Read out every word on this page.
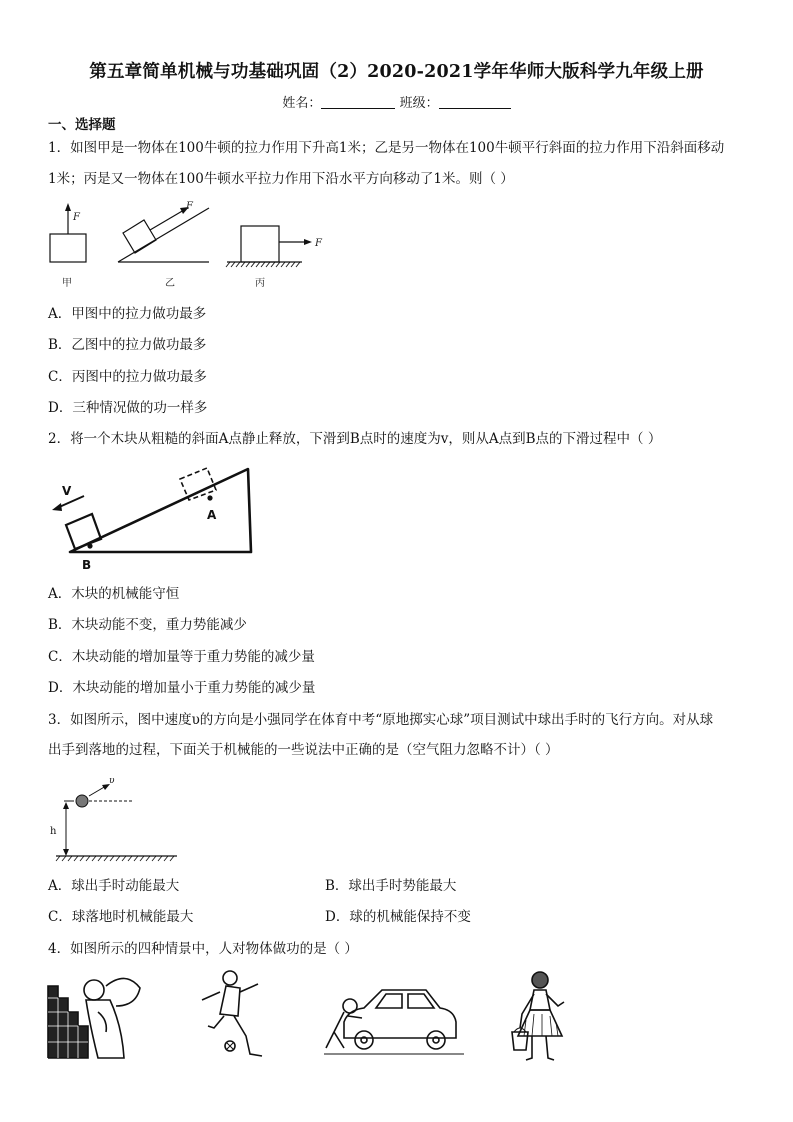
第五章简单机械与功基础巩固（2）2020-2021学年华师大版科学九年级上册
姓名：	班级：
一、选择题
1．如图甲是一物体在100牛顿的拉力作用下升高1米；乙是另一物体在100牛顿平行斜面的拉力作用下沿斜面移动
1米；丙是又一物体在100牛顿水平拉力作用下沿水平方向移动了1米。则（ ）
F
甲
F
乙
F
丙
A．甲图中的拉力做功最多
B．乙图中的拉力做功最多
C．丙图中的拉力做功最多
D．三种情况做的功一样多
2．将一个木块从粗糙的斜面A点静止释放，下滑到B点时的速度为v，则从A点到B点的下滑过程中（ ）
V
A
B
A．木块的机械能守恒
B．木块动能不变，重力势能减少
C．木块动能的增加量等于重力势能的减少量
D．木块动能的增加量小于重力势能的减少量
3．如图所示，图中速度υ的方向是小强同学在体育中考“原地掷实心球”项目测试中球出手时的飞行方向。对从球
出手到落地的过程，下面关于机械能的一些说法中正确的是（空气阻力忽略不计）（ ）
υ
h
A．球出手时动能最大	B．球出手时势能最大
C．球落地时机械能最大	D．球的机械能保持不变
4．如图所示的四种情景中，人对物体做功的是（ ）
